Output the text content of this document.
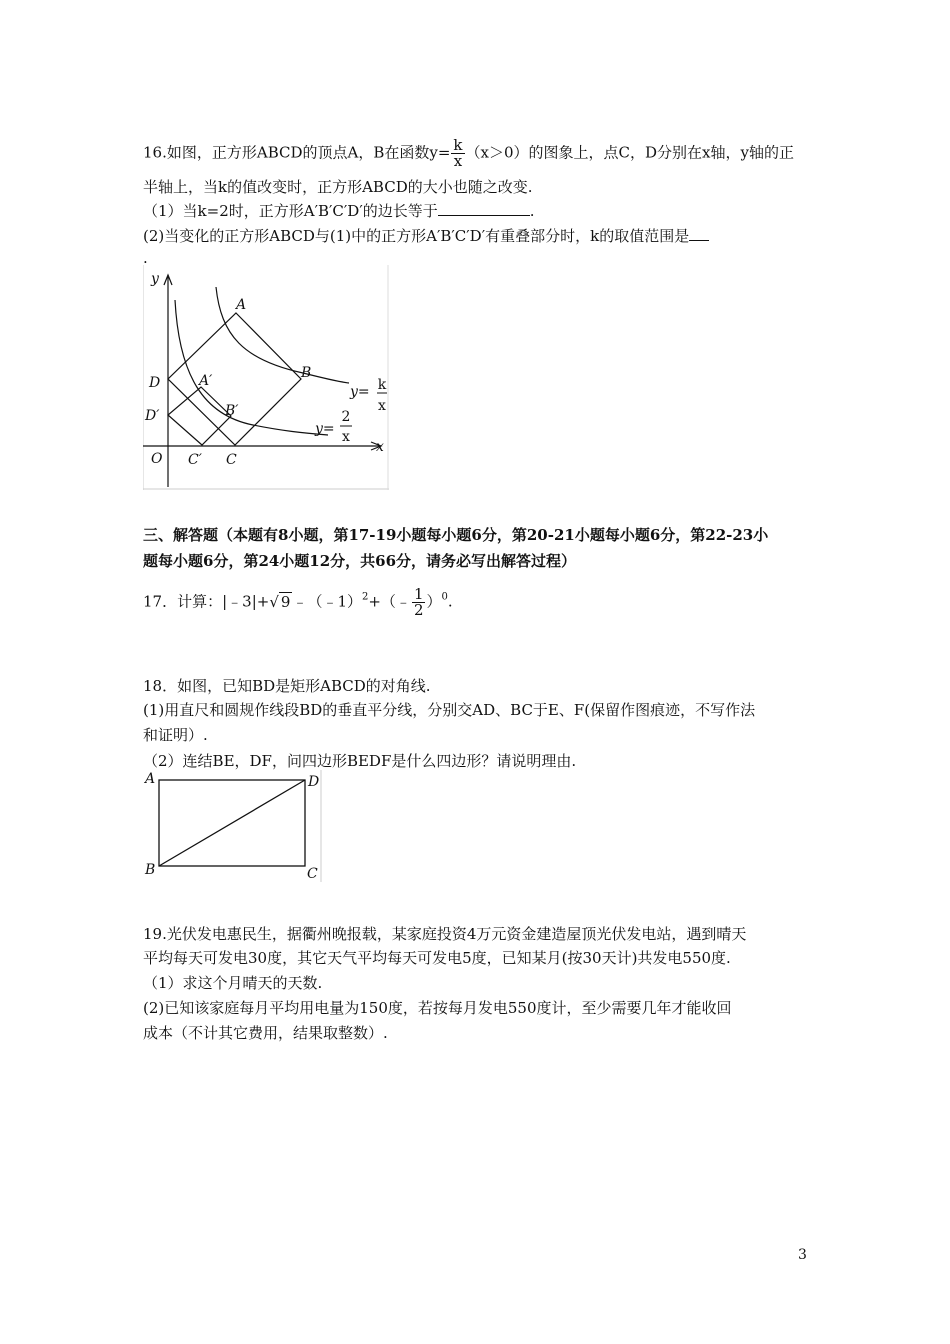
16.如图，正方形ABCD的顶点A，B在函数$y= \frac{k}{x} (x>0)$的图象上，点C，D分别在x轴，y轴的正
半轴上，当k的值改变时，正方形ABCD的大小也随之改变.
（1）当k=2时，正方形A′B′C′D′的边长等于	.
(2)当变化的正方形ABCD与(1)中的正方形A′B′C′D′有重叠部分时，k的取值范围是
.
y
x
O
A
B
C
D	A′
B′
C′
D′
y= k
x
y=
2
x
三、解答题（本题有8小题，第17-19小题每小题6分，第20-21小题每小题6分，第22-23小
题每小题6分，第24小题12分，共66分，请务必写出解答过程）
17．计算：|﹣3|+√ 9 ﹣（﹣1）$^2$+（﹣ $\frac{1}{2} )^0$.
18．如图，已知BD是矩形ABCD的对角线.
(1)用直尺和圆规作线段BD的垂直平分线，分别交AD、BC于E、F(保留作图痕迹，不写作法
和证明）.
（2）连结BE，DF，问四边形BEDF是什么四边形？请说明理由.
A	D
B	C
19.光伏发电惠民生，据衢州晚报载，某家庭投资4万元资金建造屋顶光伏发电站，遇到晴天
平均每天可发电30度，其它天气平均每天可发电5度，已知某月(按30天计)共发电550度.
（1）求这个月晴天的天数.
(2)已知该家庭每月平均用电量为150度，若按每月发电550度计，至少需要几年才能收回
成本（不计其它费用，结果取整数）.
3
